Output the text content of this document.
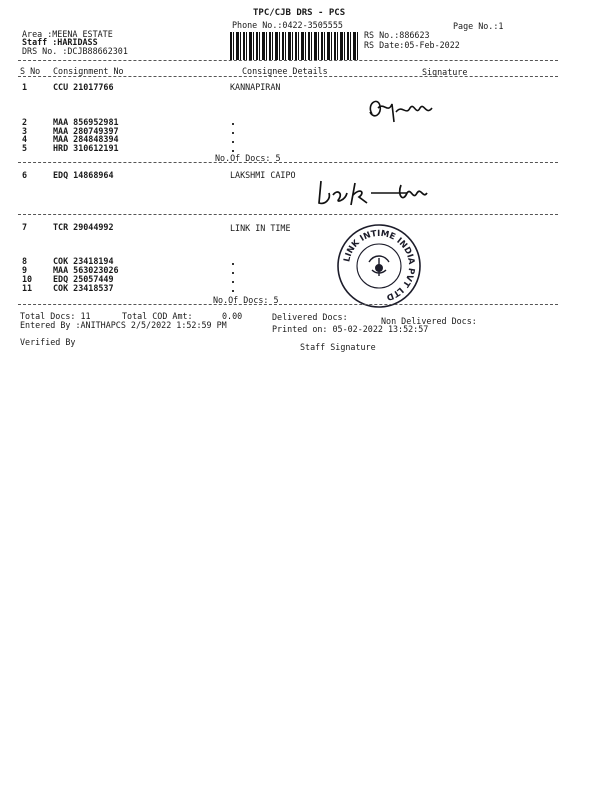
TPC/CJB DRS - PCS
Phone No.:0422-3505555	Page No.:1
Area :MEENA ESTATE
Staff :HARIDASS
DRS No. :DCJB88662301
RS No.:886623
RS Date:05-Feb-2022
S No Consignment No	Consignee Details	Signature
1	CCU 21017766	KANNAPIRAN
2	MAA 856952981
3	MAA 280749397
4	MAA 284848394
5	HRD 310612191
No.Of Docs: 5
6	EDQ 14868964	LAKSHMI CAIPO
7	TCR 29044992	LINK IN TIME
LINK INTIME INDIA PVT LTD
8	COK 23418194
9	MAA 563023026
10 EDQ 25057449
11 COK 23418537
No.Of Docs: 5
Total Docs: 11	Total COD Amt:	0.00	Delivered Docs:	Non Delivered Docs:
Entered By :ANITHAPCS 2/5/2022 1:52:59 PM	Printed on: 05-02-2022 13:52:57
Verified By	Staff Signature
